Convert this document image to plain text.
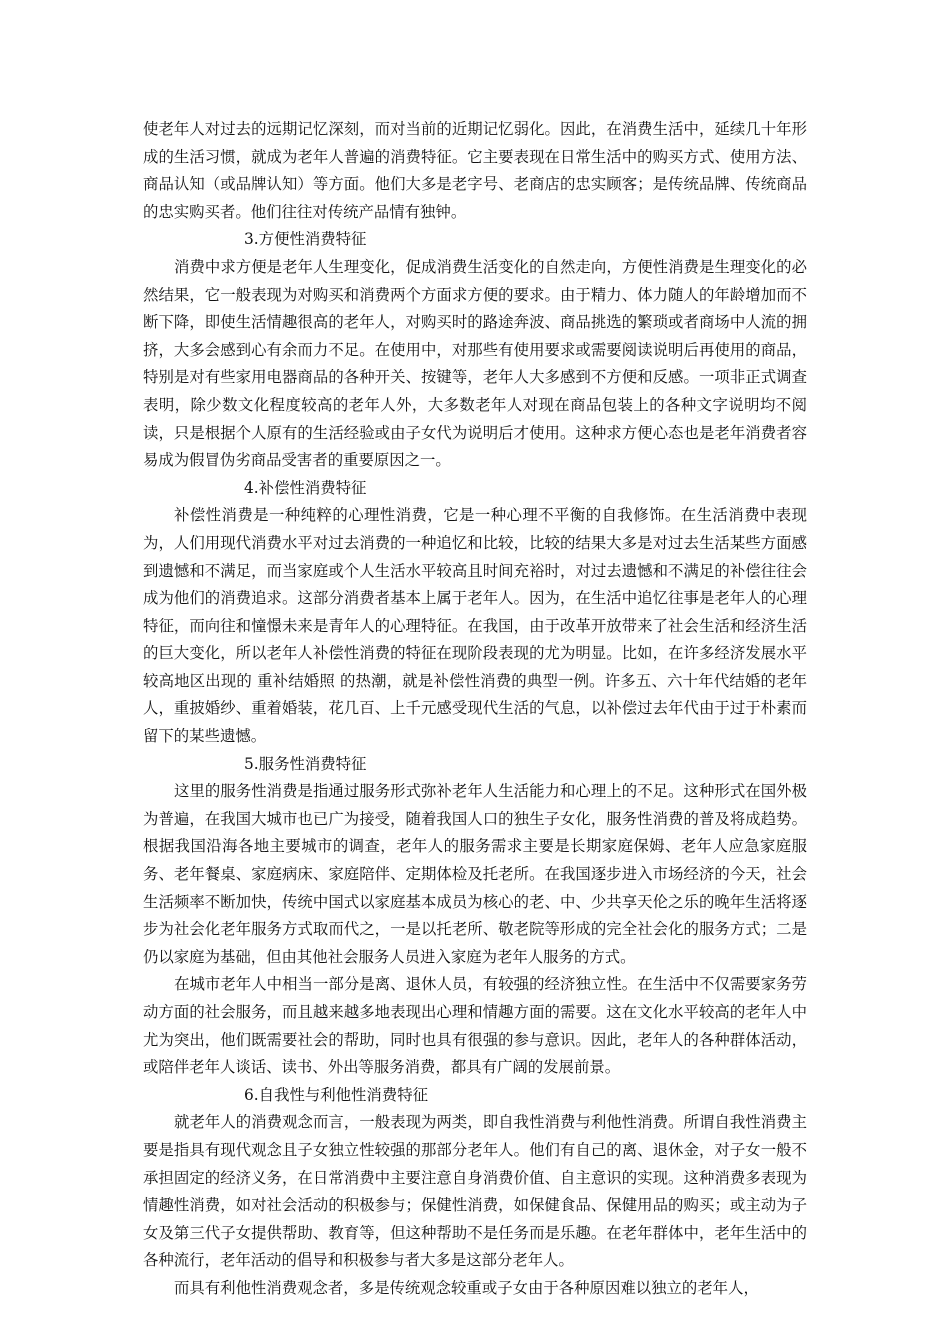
使老年人对过去的远期记忆深刻，而对当前的近期记忆弱化。因此，在消费生活中，延续几十年形成的生活习惯，就成为老年人普遍的消费特征。它主要表现在日常生活中的购买方式、使用方法、商品认知（或品牌认知）等方面。他们大多是老字号、老商店的忠实顾客；是传统品牌、传统商品的忠实购买者。他们往往对传统产品情有独钟。

3.方便性消费特征

消费中求方便是老年人生理变化，促成消费生活变化的自然走向，方便性消费是生理变化的必然结果，它一般表现为对购买和消费两个方面求方便的要求。由于精力、体力随人的年龄增加而不断下降，即使生活情趣很高的老年人，对购买时的路途奔波、商品挑选的繁琐或者商场中人流的拥挤，大多会感到心有余而力不足。在使用中，对那些有使用要求或需要阅读说明后再使用的商品，特别是对有些家用电器商品的各种开关、按键等，老年人大多感到不方便和反感。一项非正式调查表明，除少数文化程度较高的老年人外，大多数老年人对现在商品包装上的各种文字说明均不阅读，只是根据个人原有的生活经验或由子女代为说明后才使用。这种求方便心态也是老年消费者容易成为假冒伪劣商品受害者的重要原因之一。

4.补偿性消费特征

补偿性消费是一种纯粹的心理性消费，它是一种心理不平衡的自我修饰。在生活消费中表现为，人们用现代消费水平对过去消费的一种追忆和比较，比较的结果大多是对过去生活某些方面感到遗憾和不满足，而当家庭或个人生活水平较高且时间充裕时，对过去遗憾和不满足的补偿往往会成为他们的消费追求。这部分消费者基本上属于老年人。因为，在生活中追忆往事是老年人的心理特征，而向往和憧憬未来是青年人的心理特征。在我国，由于改革开放带来了社会生活和经济生活的巨大变化，所以老年人补偿性消费的特征在现阶段表现的尤为明显。比如，在许多经济发展水平较高地区出现的 重补结婚照 的热潮，就是补偿性消费的典型一例。许多五、六十年代结婚的老年人，重披婚纱、重着婚装，花几百、上千元感受现代生活的气息，以补偿过去年代由于过于朴素而留下的某些遗憾。

5.服务性消费特征

这里的服务性消费是指通过服务形式弥补老年人生活能力和心理上的不足。这种形式在国外极为普遍，在我国大城市也已广为接受，随着我国人口的独生子女化，服务性消费的普及将成趋势。根据我国沿海各地主要城市的调查，老年人的服务需求主要是长期家庭保姆、老年人应急家庭服务、老年餐桌、家庭病床、家庭陪伴、定期体检及托老所。在我国逐步进入市场经济的今天，社会生活频率不断加快，传统中国式以家庭基本成员为核心的老、中、少共享天伦之乐的晚年生活将逐步为社会化老年服务方式取而代之，一是以托老所、敬老院等形成的完全社会化的服务方式；二是仍以家庭为基础，但由其他社会服务人员进入家庭为老年人服务的方式。

在城市老年人中相当一部分是离、退休人员，有较强的经济独立性。在生活中不仅需要家务劳动方面的社会服务，而且越来越多地表现出心理和情趣方面的需要。这在文化水平较高的老年人中尤为突出，他们既需要社会的帮助，同时也具有很强的参与意识。因此，老年人的各种群体活动，或陪伴老年人谈话、读书、外出等服务消费，都具有广阔的发展前景。

6.自我性与利他性消费特征

就老年人的消费观念而言，一般表现为两类，即自我性消费与利他性消费。所谓自我性消费主要是指具有现代观念且子女独立性较强的那部分老年人。他们有自己的离、退休金，对子女一般不承担固定的经济义务，在日常消费中主要注意自身消费价值、自主意识的实现。这种消费多表现为情趣性消费，如对社会活动的积极参与；保健性消费，如保健食品、保健用品的购买；或主动为子女及第三代子女提供帮助、教育等，但这种帮助不是任务而是乐趣。在老年群体中，老年生活中的各种流行，老年活动的倡导和积极参与者大多是这部分老年人。

而具有利他性消费观念者，多是传统观念较重或子女由于各种原因难以独立的老年人，
